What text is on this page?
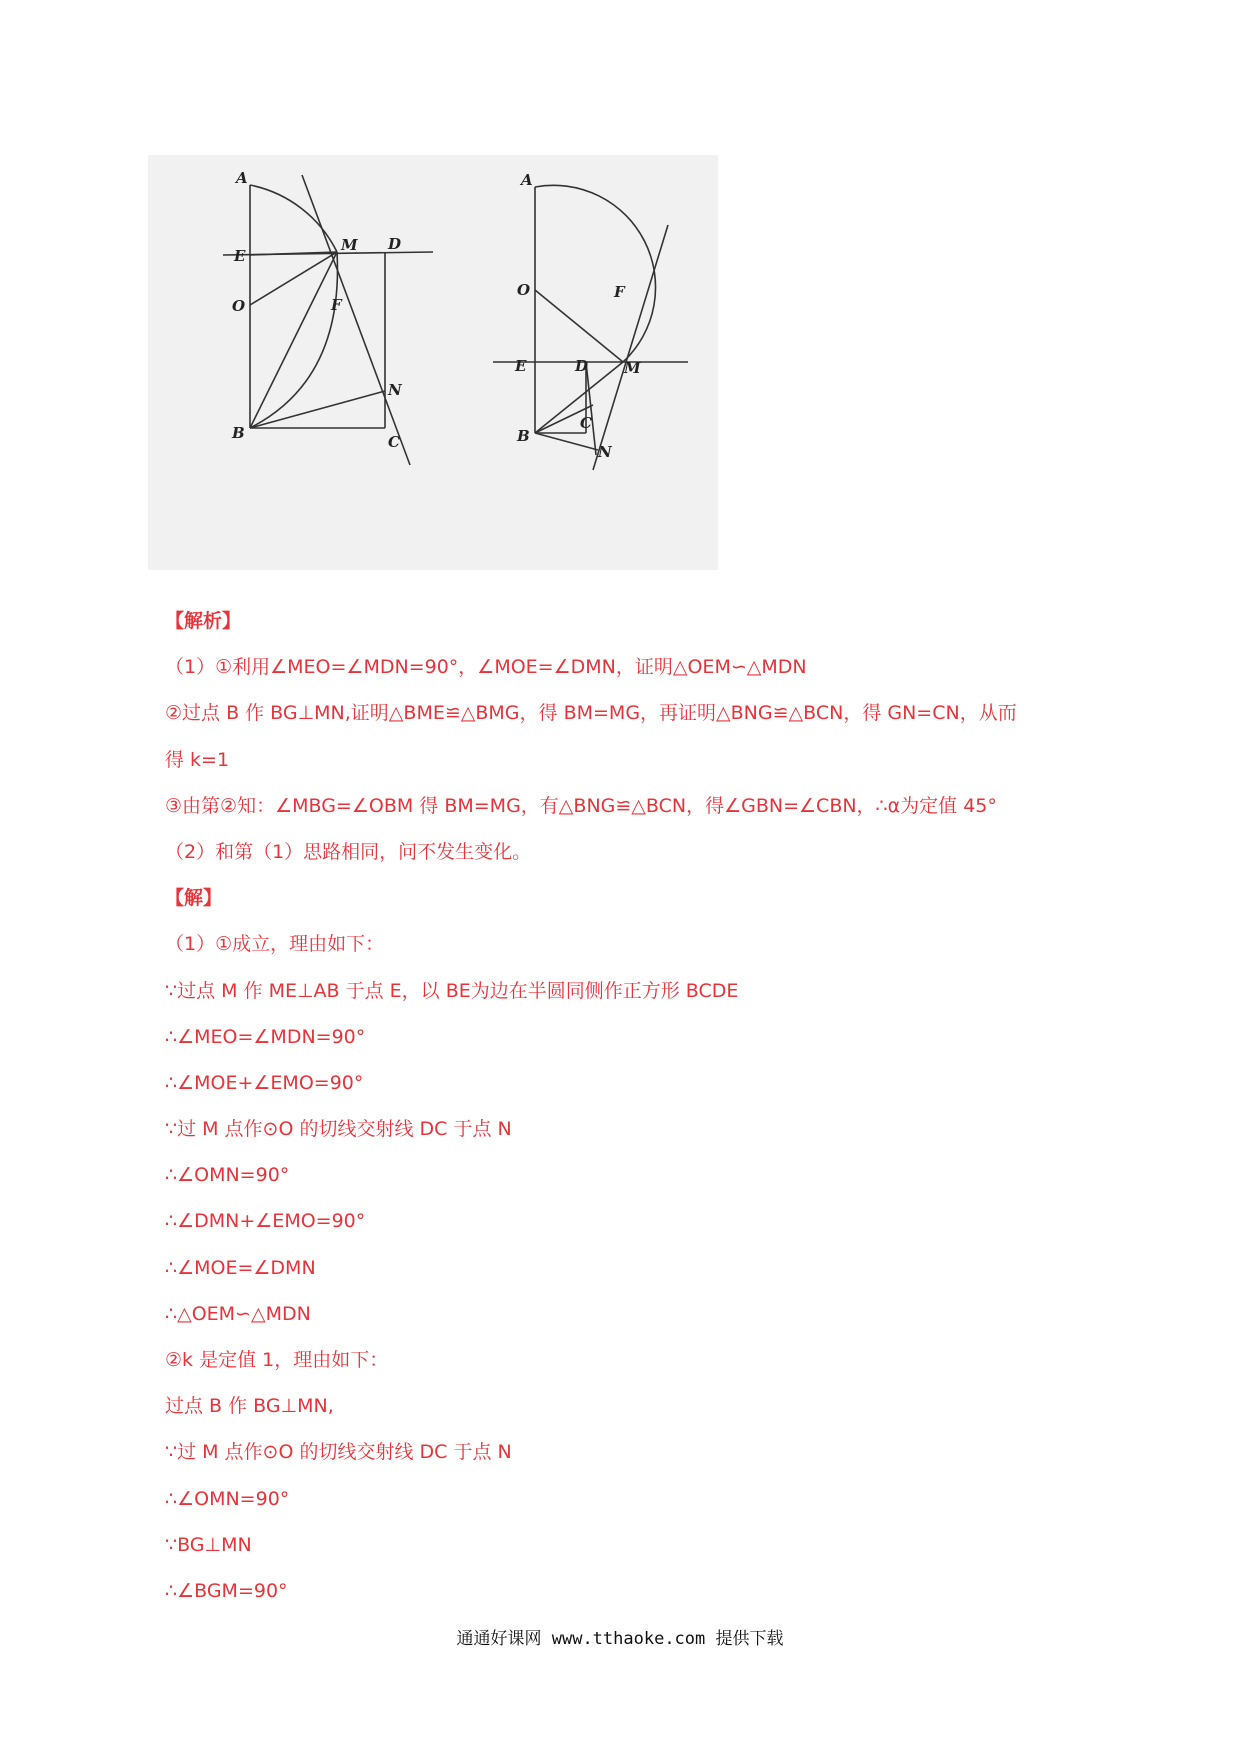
A
E
O
M D
F
N
B	C
A
O	F
E	D M
C
B
N
【解析】
（1）①利用∠MEO=∠MDN=90°，∠MOE=∠DMN，证明△OEM∽△MDN
②过点 B 作 BG⊥MN,证明△BME≌△BMG，得 BM=MG，再证明△BNG≌△BCN，得 GN=CN，从而
得 k=1
③由第②知：∠MBG=∠OBM 得 BM=MG，有△BNG≌△BCN，得∠GBN=∠CBN，∴α为定值 45°
（2）和第（1）思路相同，问不发生变化。
【解】
（1）①成立，理由如下：
∵过点 M 作 ME⊥AB 于点 E，以 BE为边在半圆同侧作正方形 BCDE
∴∠MEO=∠MDN=90°
∴∠MOE+∠EMO=90°
∵过 M 点作⊙O 的切线交射线 DC 于点 N
∴∠OMN=90°
∴∠DMN+∠EMO=90°
∴∠MOE=∠DMN
∴△OEM∽△MDN
②k 是定值 1，理由如下：
过点 B 作 BG⊥MN,
∵过 M 点作⊙O 的切线交射线 DC 于点 N
∴∠OMN=90°
∵BG⊥MN
∴∠BGM=90°
通通好课网 www.tthaoke.com 提供下载
